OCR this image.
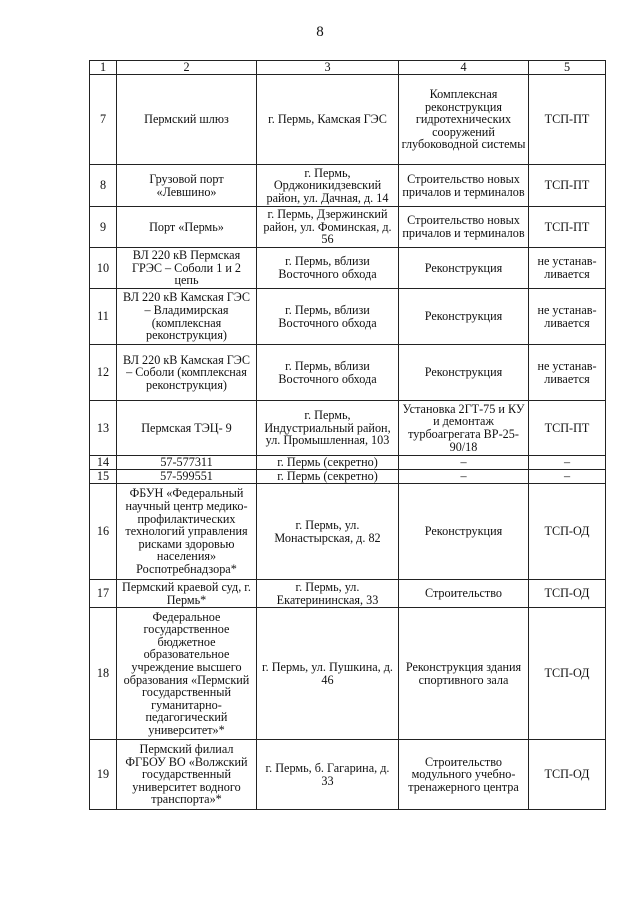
8
1	2	3	4	5
7	Пермский шлюз	г. Пермь, Камская ГЭС	Комплексная реконструкция гидротехнических сооружений глубоководной системы	ТСП-ПТ
8	Грузовой порт «Левшино»	г. Пермь, Орджоникидзевский район, ул. Дачная, д. 14	Строительство новых причалов и терминалов	ТСП-ПТ
9	Порт «Пермь»	г. Пермь, Дзержинский район, ул. Фоминская, д. 56	Строительство новых причалов и терминалов	ТСП-ПТ
10	ВЛ 220 кВ Пермская ГРЭС – Соболи 1 и 2 цепь	г. Пермь, вблизи Восточного обхода	Реконструкция	не устанав-ливается
11	ВЛ 220 кВ Камская ГЭС – Владимирская (комплексная реконструкция)	г. Пермь, вблизи Восточного обхода	Реконструкция	не устанав-ливается
12	ВЛ 220 кВ Камская ГЭС – Соболи (комплексная реконструкция)	г. Пермь, вблизи Восточного обхода	Реконструкция	не устанав-ливается
13	Пермская ТЭЦ- 9	г. Пермь, Индустриальный район, ул. Промышленная, 103	Установка 2ГТ-75 и КУ и демонтаж турбоагрегата ВР-25-90/18	ТСП-ПТ
14	57-577311	г. Пермь (секретно)	–	–
15	57-599551	г. Пермь (секретно)	–	–
16	ФБУН «Федеральный научный центр медико-профилактических технологий управления рисками здоровью населения» Роспотребнадзора*	г. Пермь, ул. Монастырская, д. 82	Реконструкция	ТСП-ОД
17	Пермский краевой суд, г. Пермь*	г. Пермь, ул. Екатерининская, 33	Строительство	ТСП-ОД
18	Федеральное государственное бюджетное образовательное учреждение высшего образования «Пермский государственный гуманитарно-педагогический университет»*	г. Пермь, ул. Пушкина, д. 46	Реконструкция здания спортивного зала	ТСП-ОД
19	Пермский филиал ФГБОУ ВО «Волжский государственный университет водного транспорта»*	г. Пермь, б. Гагарина, д. 33	Строительство модульного учебно-тренажерного центра	ТСП-ОД
